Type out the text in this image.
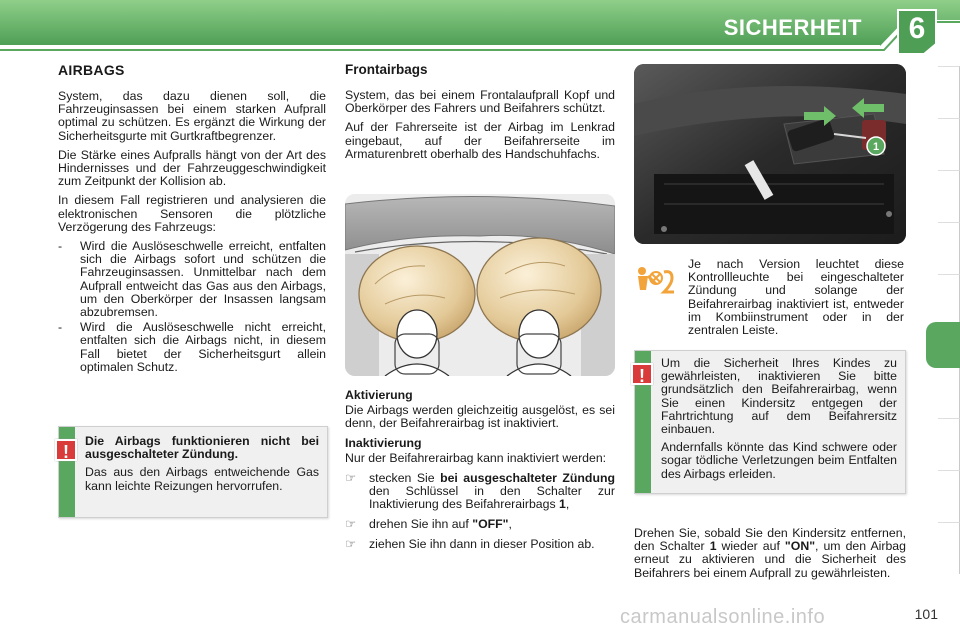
SICHERHEIT	6
AIRBAGS

System, das dazu dienen soll, die Fahrzeuginsassen bei einem starken Aufprall optimal zu schützen. Es ergänzt die Wirkung der Sicherheitsgurte mit Gurtkraftbegrenzer.

Die Stärke eines Aufpralls hängt von der Art des Hindernisses und der Fahrzeuggeschwindigkeit zum Zeitpunkt der Kollision ab.

In diesem Fall registrieren und analysieren die elektronischen Sensoren die plötzliche Verzögerung des Fahrzeugs:

-	Wird die Auslöseschwelle erreicht, entfalten sich die Airbags sofort und schützen die Fahrzeuginsassen. Unmittelbar nach dem Aufprall entweicht das Gas aus den Airbags, um den Oberkörper der Insassen langsam abzubremsen.
-	Wird die Auslöseschwelle nicht erreicht, entfalten sich die Airbags nicht, in diesem Fall bietet der Sicherheitsgurt allein optimalen Schutz.
!

Die Airbags funktionieren nicht bei ausgeschalteter Zündung.

Das aus den Airbags entweichende Gas kann leichte Reizungen hervorrufen.

Frontairbags

System, das bei einem Frontalaufprall Kopf und Oberkörper des Fahrers und Beifahrers schützt.

Auf der Fahrerseite ist der Airbag im Lenkrad eingebaut, auf der Beifahrerseite im Armaturenbrett oberhalb des Handschuhfachs.

Aktivierung

Die Airbags werden gleichzeitig ausgelöst, es sei denn, der Beifahrerairbag ist inaktiviert.

Inaktivierung

Nur der Beifahrerairbag kann inaktiviert werden:

☞	stecken Sie bei ausgeschalteter Zündung den Schlüssel in den Schalter zur Inaktivierung des Beifahrerairbags 1,
☞	drehen Sie ihn auf "OFF",
☞	ziehen Sie ihn dann in dieser Position ab.
1

Je nach Version leuchtet diese Kontrollleuchte bei eingeschalteter Zündung und solange der Beifahrerairbag inaktiviert ist, entweder im Kombiinstrument oder in der zentralen Leiste.

!

Um die Sicherheit Ihres Kindes zu gewährleisten, inaktivieren Sie bitte grundsätzlich den Beifahrerairbag, wenn Sie einen Kindersitz entgegen der Fahrtrichtung auf dem Beifahrersitz einbauen.

Andernfalls könnte das Kind schwere oder sogar tödliche Verletzungen beim Entfalten des Airbags erleiden.

Drehen Sie, sobald Sie den Kindersitz entfernen, den Schalter 1 wieder auf "ON", um den Airbag erneut zu aktivieren und die Sicherheit des Beifahrers bei einem Aufprall zu gewährleisten.

carmanualsonline.info	101
